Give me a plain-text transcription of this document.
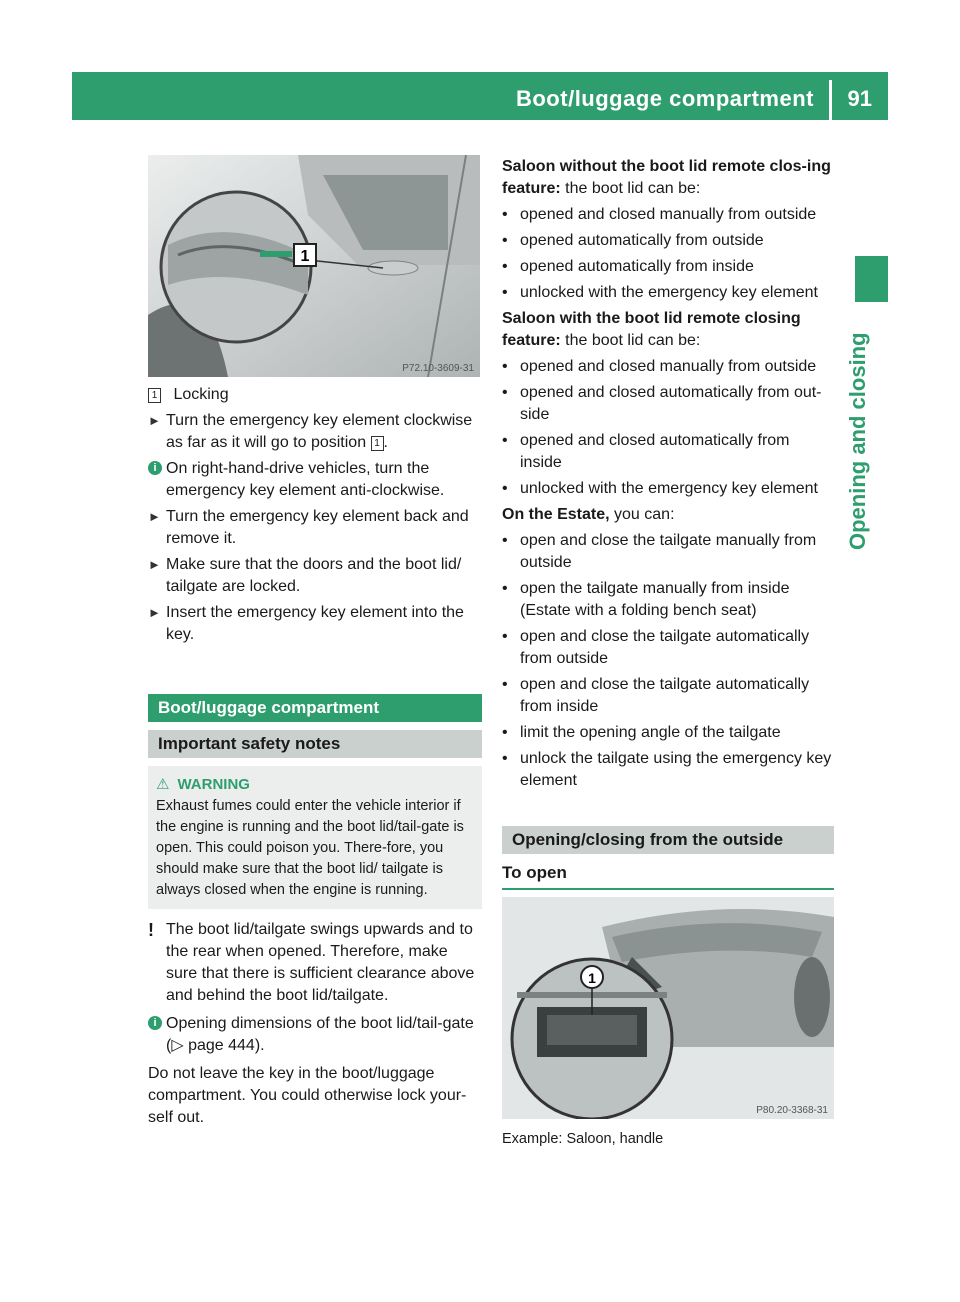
Boot/luggage compartment 91
Opening and closing
1
P72.10-3609-31
1 Locking
► Turn the emergency key element clockwise as far as it will go to position 1 .
i On right-hand-drive vehicles, turn the emergency key element anti-clockwise.
► Turn the emergency key element back and remove it.
► Make sure that the doors and the boot lid/ tailgate are locked.
► Insert the emergency key element into the key.
Boot/luggage compartment
Important safety notes
⚠ WARNING
Exhaust fumes could enter the vehicle interior if the engine is running and the boot lid/tail-gate is open. This could poison you. There-fore, you should make sure that the boot lid/ tailgate is always closed when the engine is running.
! The boot lid/tailgate swings upwards and to the rear when opened. Therefore, make sure that there is sufficient clearance above and behind the boot lid/tailgate.
i Opening dimensions of the boot lid/tail-gate (▷ page 444).
Do not leave the key in the boot/luggage compartment. You could otherwise lock your-self out.
Saloon without the boot lid remote clos-ing feature: the boot lid can be:
• opened and closed manually from outside
• opened automatically from outside
• opened automatically from inside
• unlocked with the emergency key element
Saloon with the boot lid remote closing feature: the boot lid can be:
• opened and closed manually from outside
• opened and closed automatically from out-side
• opened and closed automatically from inside
• unlocked with the emergency key element
On the Estate, you can:
• open and close the tailgate manually from outside
• open the tailgate manually from inside (Estate with a folding bench seat)
• open and close the tailgate automatically from outside
• open and close the tailgate automatically from inside
• limit the opening angle of the tailgate
• unlock the tailgate using the emergency key element
Opening/closing from the outside
To open
1
P80.20-3368-31
Example: Saloon, handle
